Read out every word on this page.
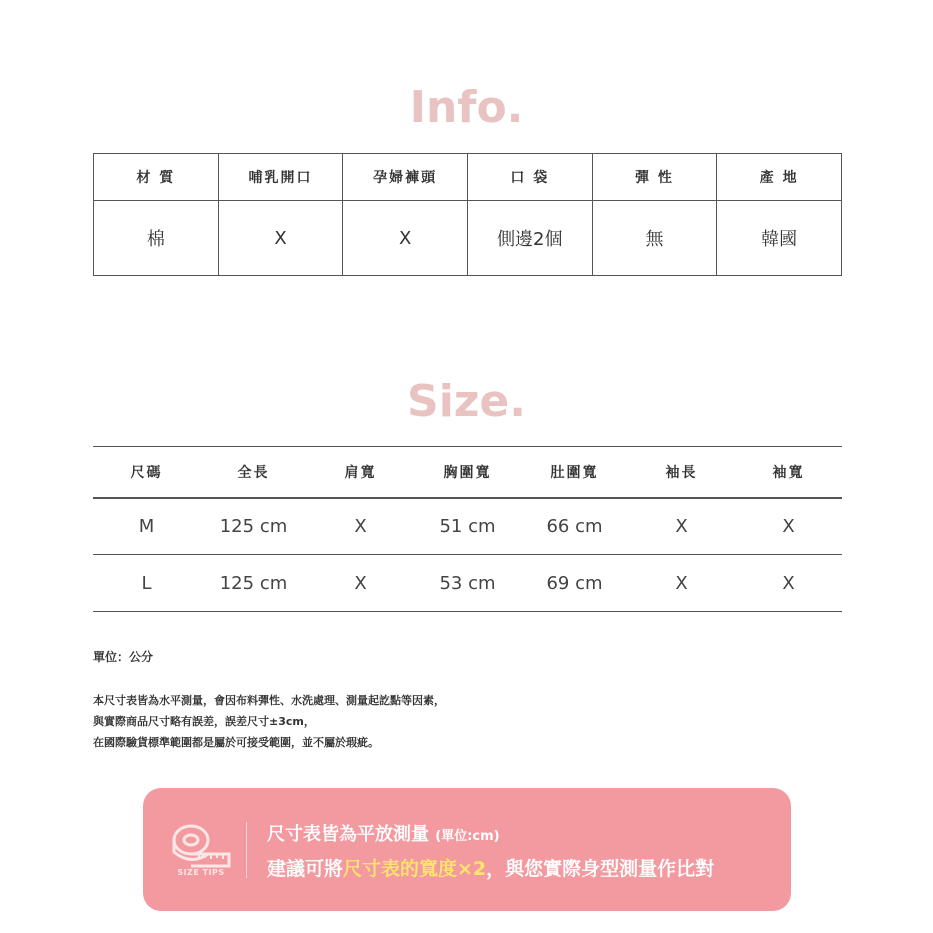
Info.
材 質	哺乳開口	孕婦褲頭	口 袋	彈 性	產 地
棉	X	X	側邊2個	無	韓國
Size.
尺碼	全長	肩寬	胸圍寬	肚圍寬	袖長	袖寬
M	125 cm	X	51 cm	66 cm	X	X
L	125 cm	X	53 cm	69 cm	X	X
單位：公分
本尺寸表皆為水平測量，會因布料彈性、水洗處理、測量起訖點等因素，
與實際商品尺寸略有誤差，誤差尺寸±3cm，
在國際驗貨標準範圍都是屬於可接受範圍，並不屬於瑕疵。
SIZE TIPS
尺寸表皆為平放測量 (單位:cm)
建議可將尺寸表的寬度×2，與您實際身型測量作比對
